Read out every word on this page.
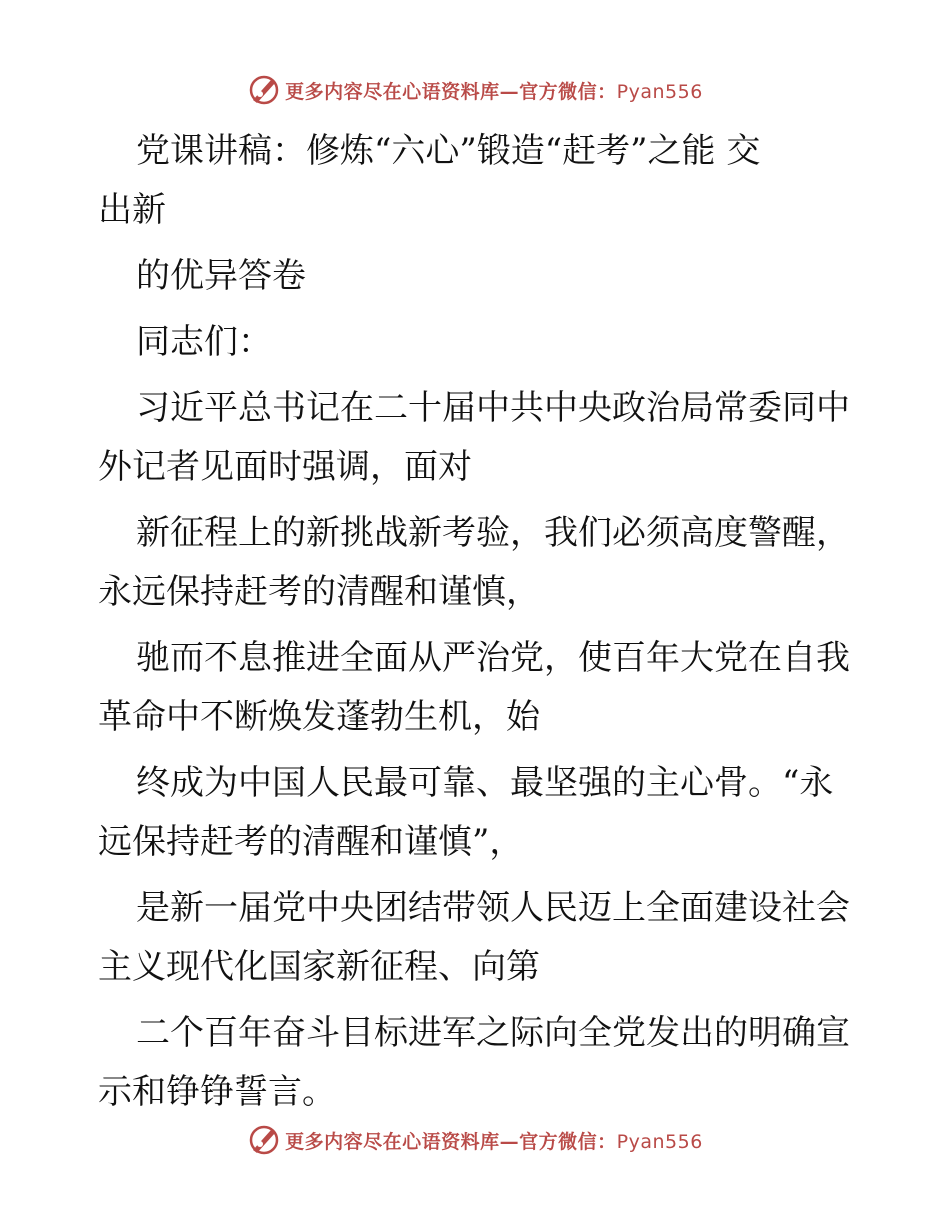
更多内容尽在心语资料库—官方微信：Pyan556

党课讲稿：修炼“六心”锻造“赶考”之能 交
出新

的优异答卷

同志们：

习近平总书记在二十届中共中央政治局常委同中
外记者见面时强调，面对

新征程上的新挑战新考验，我们必须高度警醒，
永远保持赶考的清醒和谨慎，

驰而不息推进全面从严治党，使百年大党在自我
革命中不断焕发蓬勃生机，始

终成为中国人民最可靠、最坚强的主心骨。“永
远保持赶考的清醒和谨慎”，

是新一届党中央团结带领人民迈上全面建设社会
主义现代化国家新征程、向第

二个百年奋斗目标进军之际向全党发出的明确宣
示和铮铮誓言。

更多内容尽在心语资料库—官方微信：Pyan556
